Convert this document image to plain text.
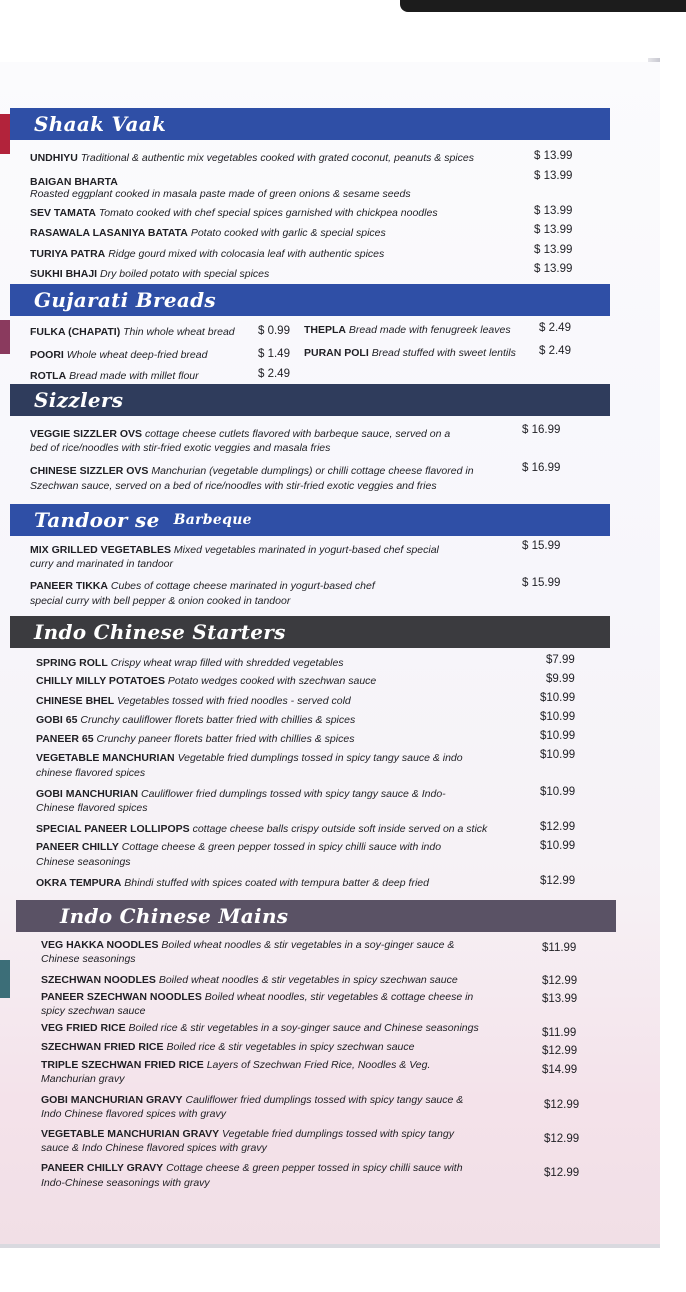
Shaak Vaak
UNDHIYU Traditional & authentic mix vegetables cooked with grated coconut, peanuts & spices	$ 13.99
BAIGAN BHARTA
Roasted eggplant cooked in masala paste made of green onions & sesame seeds
$ 13.99
SEV TAMATA Tomato cooked with chef special spices garnished with chickpea noodles	$ 13.99
RASAWALA LASANIYA BATATA Potato cooked with garlic & special spices	$ 13.99
TURIYA PATRA Ridge gourd mixed with colocasia leaf with authentic spices	$ 13.99
SUKHI BHAJI Dry boiled potato with special spices	$ 13.99
Gujarati Breads
FULKA (CHAPATI) Thin whole wheat bread $ 0.99 THEPLA Bread made with fenugreek leaves $ 2.49
POORI Whole wheat deep-fried bread	$ 1.49 PURAN POLI Bread stuffed with sweet lentils $ 2.49
ROTLA Bread made with millet flour	$ 2.49
Sizzlers
VEGGIE SIZZLER OVS cottage cheese cutlets flavored with barbeque sauce, served on a
bed of rice/noodles with stir-fried exotic veggies and masala fries
$ 16.99
CHINESE SIZZLER OVS Manchurian (vegetable dumplings) or chilli cottage cheese flavored in
Szechwan sauce, served on a bed of rice/noodles with stir-fried exotic veggies and fries
$ 16.99
Tandoor se Barbeque
MIX GRILLED VEGETABLES Mixed vegetables marinated in yogurt-based chef special
curry and marinated in tandoor
$ 15.99
PANEER TIKKA Cubes of cottage cheese marinated in yogurt-based chef
special curry with bell pepper & onion cooked in tandoor
$ 15.99
Indo Chinese Starters
SPRING ROLL Crispy wheat wrap filled with shredded vegetables	$7.99
CHILLY MILLY POTATOES Potato wedges cooked with szechwan sauce	$9.99
CHINESE BHEL Vegetables tossed with fried noodles - served cold	$10.99
GOBI 65 Crunchy cauliflower florets batter fried with chillies & spices	$10.99
PANEER 65 Crunchy paneer florets batter fried with chillies & spices	$10.99
VEGETABLE MANCHURIAN Vegetable fried dumplings tossed in spicy tangy sauce & indo
chinese flavored spices
$10.99
GOBI MANCHURIAN Cauliflower fried dumplings tossed with spicy tangy sauce & Indo-
Chinese flavored spices
$10.99
SPECIAL PANEER LOLLIPOPS cottage cheese balls crispy outside soft inside served on a stick	$12.99
PANEER CHILLY Cottage cheese & green pepper tossed in spicy chilli sauce with indo
Chinese seasonings
$10.99
OKRA TEMPURA Bhindi stuffed with spices coated with tempura batter & deep fried	$12.99
Indo Chinese Mains
VEG HAKKA NOODLES Boiled wheat noodles & stir vegetables in a soy-ginger sauce &
Chinese seasonings
$11.99
SZECHWAN NOODLES Boiled wheat noodles & stir vegetables in spicy szechwan sauce	$12.99
PANEER SZECHWAN NOODLES Boiled wheat noodles, stir vegetables & cottage cheese in
spicy szechwan sauce
$13.99
VEG FRIED RICE Boiled rice & stir vegetables in a soy-ginger sauce and Chinese seasonings	$11.99
SZECHWAN FRIED RICE Boiled rice & stir vegetables in spicy szechwan sauce	$12.99
TRIPLE SZECHWAN FRIED RICE Layers of Szechwan Fried Rice, Noodles & Veg.
Manchurian gravy
$14.99
GOBI MANCHURIAN GRAVY Cauliflower fried dumplings tossed with spicy tangy sauce &
Indo Chinese flavored spices with gravy
$12.99
VEGETABLE MANCHURIAN GRAVY Vegetable fried dumplings tossed with spicy tangy
sauce & Indo Chinese flavored spices with gravy
$12.99
PANEER CHILLY GRAVY Cottage cheese & green pepper tossed in spicy chilli sauce with
Indo-Chinese seasonings with gravy
$12.99
